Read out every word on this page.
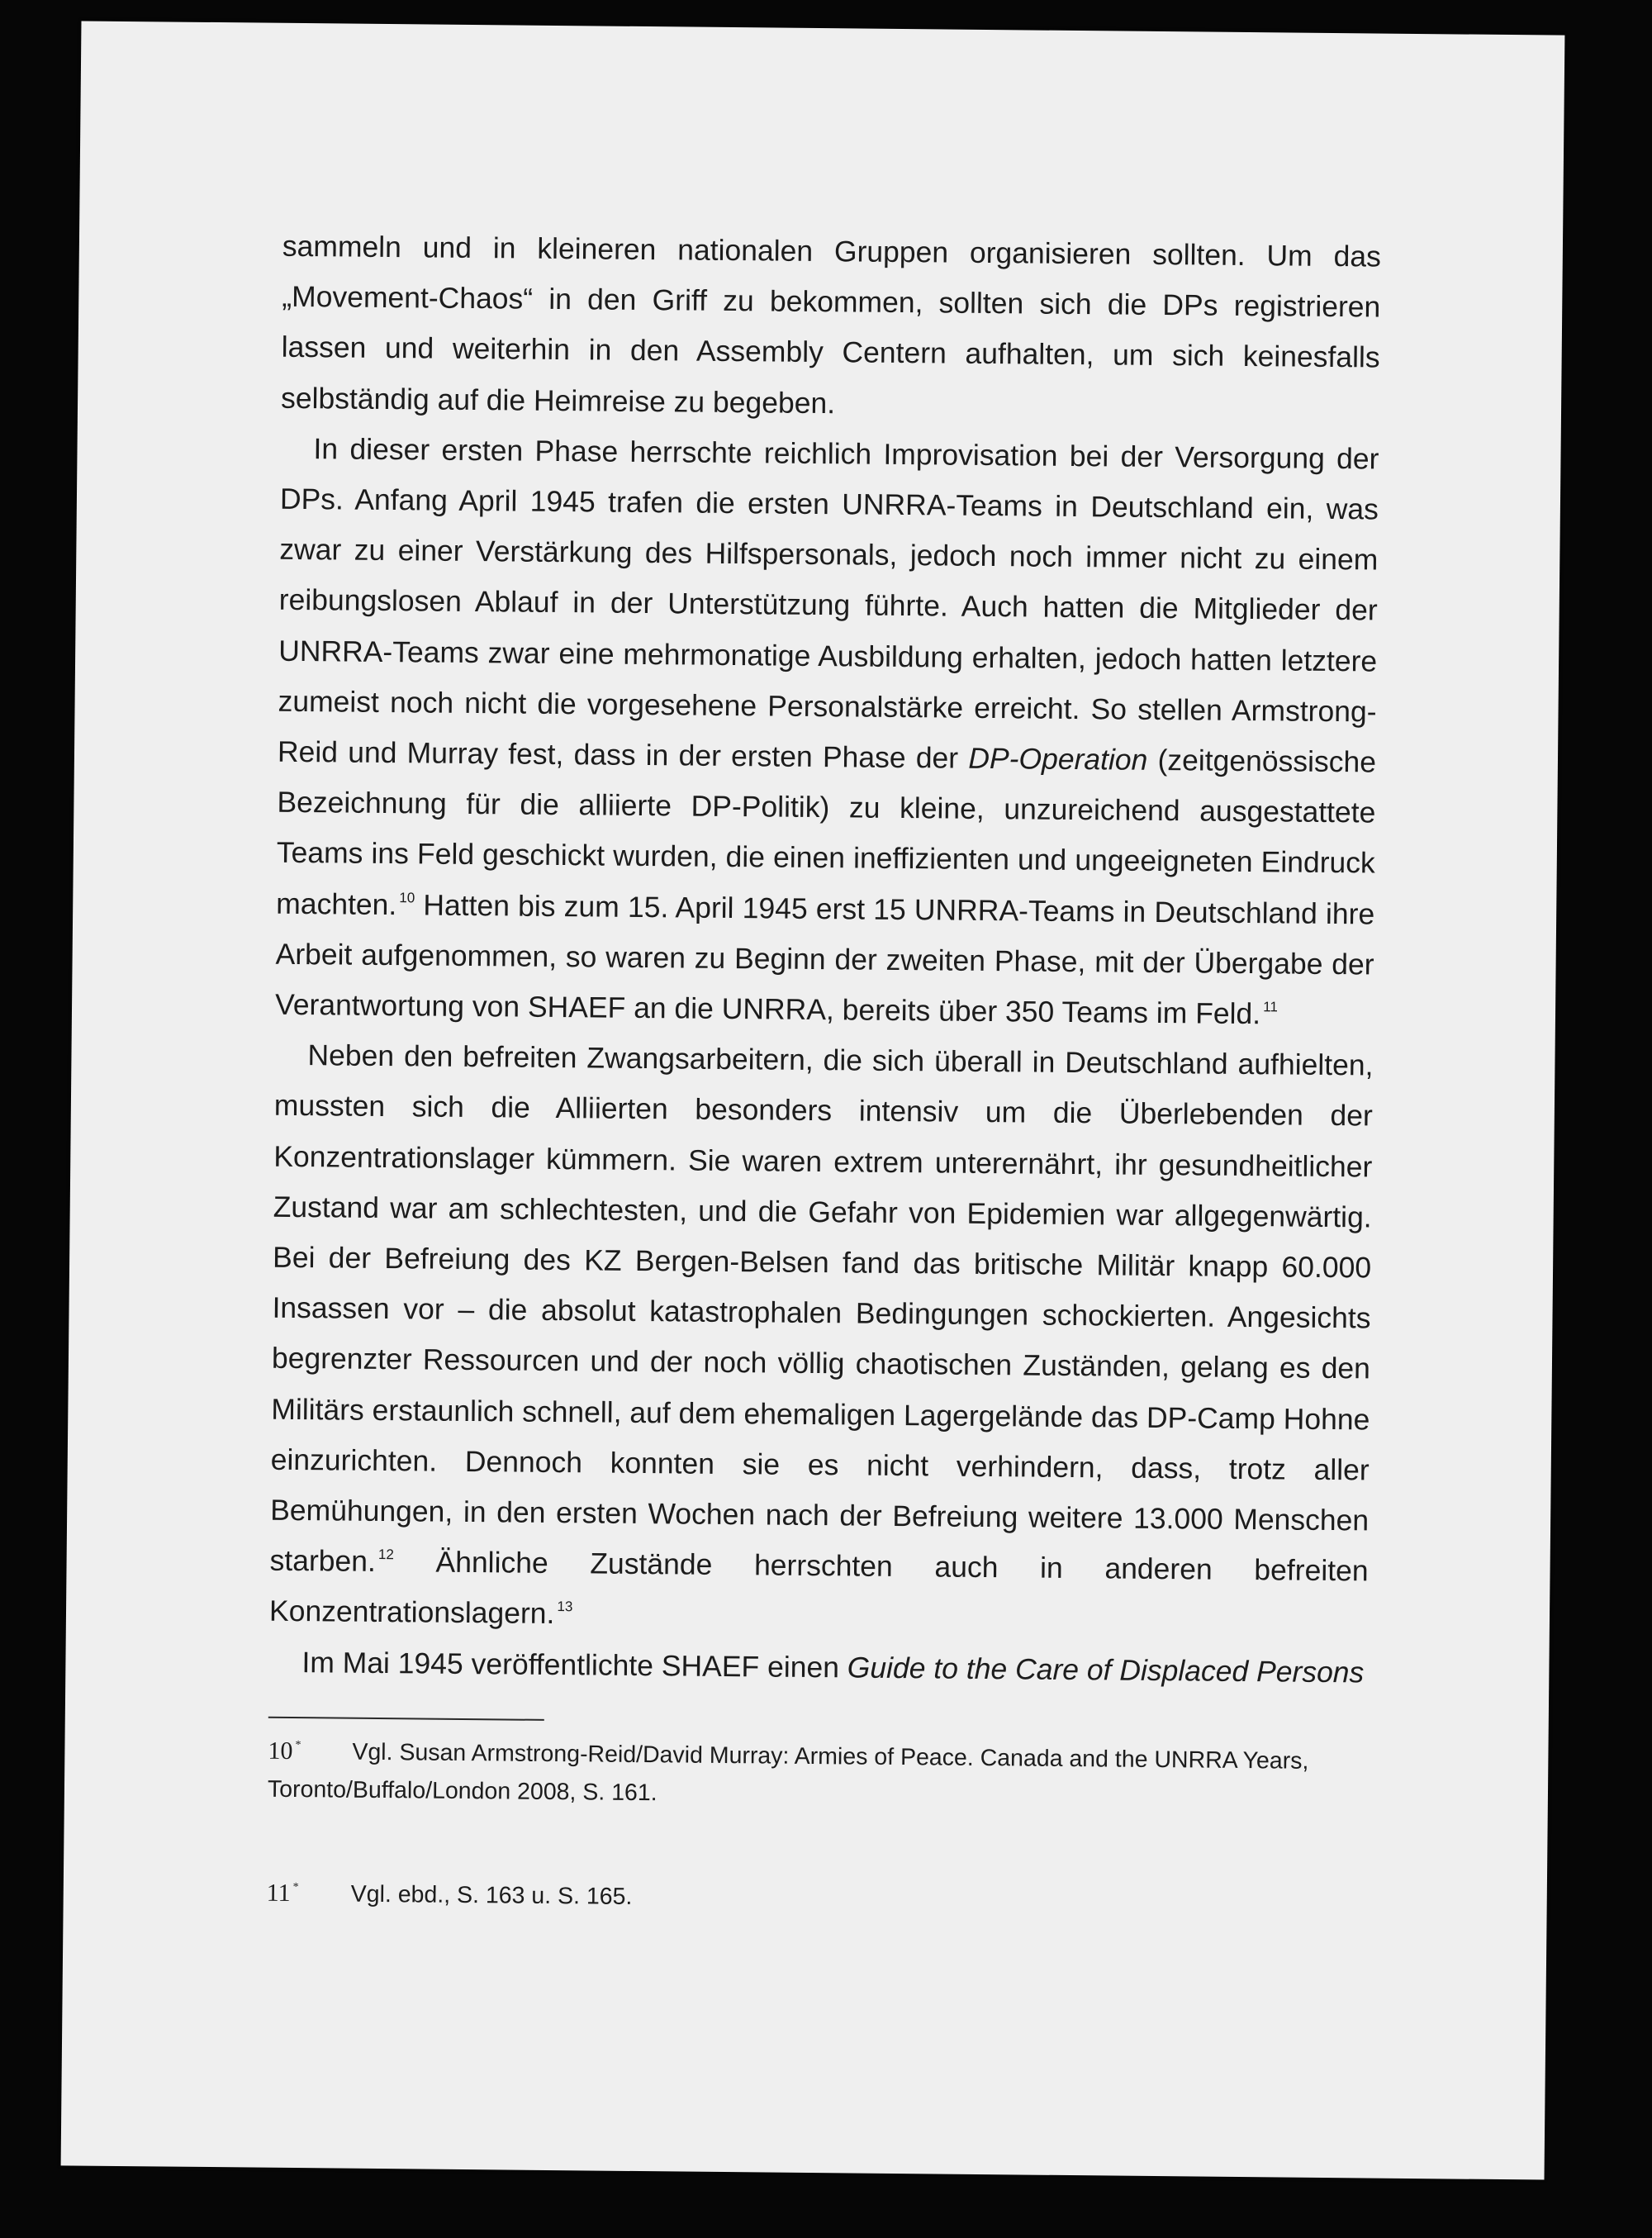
sammeln und in kleineren nationalen Gruppen organisieren sollten. Um das „Movement-Chaos“ in den Griff zu bekommen, sollten sich die DPs registrieren lassen und weiterhin in den Assembly Centern aufhalten, um sich keinesfalls selbständig auf die Heimreise zu begeben.

In dieser ersten Phase herrschte reichlich Improvisation bei der Versorgung der DPs. Anfang April 1945 trafen die ersten UNRRA-Teams in Deutschland ein, was zwar zu einer Verstärkung des Hilfspersonals, jedoch noch immer nicht zu einem reibungslosen Ablauf in der Unterstützung führte. Auch hatten die Mitglieder der UNRRA-Teams zwar eine mehrmonatige Ausbildung erhalten, jedoch hatten letztere zumeist noch nicht die vorgesehene Personalstärke erreicht. So stellen Armstrong-Reid und Murray fest, dass in der ersten Phase der DP-Operation (zeitgenössische Bezeichnung für die alliierte DP-Politik) zu kleine, unzureichend ausgestattete Teams ins Feld geschickt wurden, die einen ineffizienten und ungeeigneten Eindruck machten. $^{10}$ Hatten bis zum 15. April 1945 erst 15 UNRRA-Teams in Deutschland ihre Arbeit aufgenommen, so waren zu Beginn der zweiten Phase, mit der Übergabe der Verantwortung von SHAEF an die UNRRA, bereits über 350 Teams im Feld. $^{11}$

Neben den befreiten Zwangsarbeitern, die sich überall in Deutschland aufhielten, mussten sich die Alliierten besonders intensiv um die Überlebenden der Konzentrationslager kümmern. Sie waren extrem unterernährt, ihr gesundheitlicher Zustand war am schlechtesten, und die Gefahr von Epidemien war allgegenwärtig. Bei der Befreiung des KZ Bergen-Belsen fand das britische Militär knapp 60.000 Insassen vor – die absolut katastrophalen Bedingungen schockierten. Angesichts begrenzter Ressourcen und der noch völlig chaotischen Zuständen, gelang es den Militärs erstaunlich schnell, auf dem ehemaligen Lagergelände das DP-Camp Hohne einzurichten. Dennoch konnten sie es nicht verhindern, dass, trotz aller Bemühungen, in den ersten Wochen nach der Befreiung weitere 13.000 Menschen starben. $^{12}$ Ähnliche Zustände herrschten auch in anderen befreiten Konzentrationslagern. $^{13}$

Im Mai 1945 veröffentlichte SHAEF einen Guide to the Care of Displaced Persons

10 * Vgl. Susan Armstrong-Reid/David Murray: Armies of Peace. Canada and the UNRRA Years, Toronto/Buffalo/London 2008, S. 161.
11 * Vgl. ebd., S. 163 u. S. 165.
